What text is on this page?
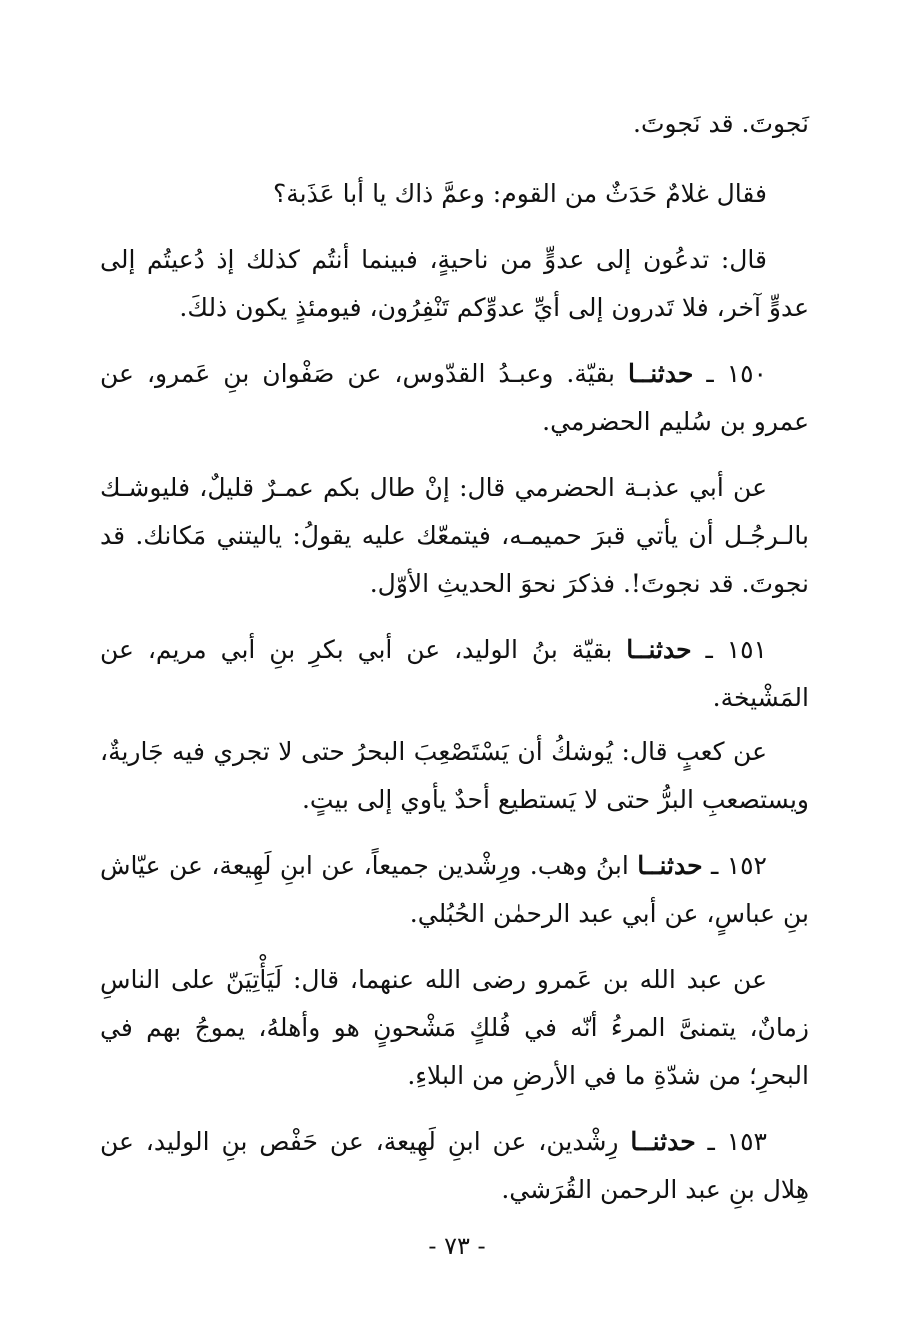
نَجوتَ. قد نَجوتَ.

فقال غلامٌ حَدَثٌ من القوم: وعمَّ ذاك يا أبا عَذَبة؟

قال: تدعُون إلى عدوٍّ من ناحيةٍ، فبينما أنتُم كذلك إذ دُعيتُم إلى عدوٍّ آخر، فلا تَدرون إلى أيِّ عدوِّكم تَنْفِرُون، فيومئذٍ يكون ذلكَ.

١٥٠ ـ حدثنــا بقيّة. وعبـدُ القدّوس، عن صَفْوان بنِ عَمرو، عن عمرو بن سُليم الحضرمي.

عن أبي عذبـة الحضرمي قال: إنْ طال بكم عمـرٌ قليلٌ، فليوشـك بالـرجُـل أن يأتي قبرَ حميمـه، فيتمعّك عليه يقولُ: ياليتني مَكانك. قد نجوتَ. قد نجوتَ!. فذكرَ نحوَ الحديثِ الأوّل.

١٥١ ـ حدثنــا بقيّة بنُ الوليد، عن أبي بكرِ بنِ أبي مريم، عن المَشْيخة.

عن كعبٍ قال: يُوشكُ أن يَسْتَصْعِبَ البحرُ حتى لا تجري فيه جَاريةٌ، ويستصعبِ البرُّ حتى لا يَستطيع أحدٌ يأوي إلى بيتٍ.

١٥٢ ـ حدثنــا ابنُ وهب. ورِشْدين جميعاً، عن ابنِ لَهِيعة، عن عيّاش بنِ عباسٍ، عن أبي عبد الرحمٰن الحُبُلي.

عن عبد الله بن عَمرو رضى الله عنهما، قال: لَيَأْتِيَنّ على الناسِ زمانٌ، يتمنىَّ المرءُ أنّه في فُلكٍ مَشْحونٍ هو وأهلهُ، يموجُ بهم في البحرِ؛ من شدّةِ ما في الأرضِ من البلاءِ.

١٥٣ ـ حدثنــا رِشْدين، عن ابنِ لَهِيعة، عن حَفْص بنِ الوليد، عن هِلال بنِ عبد الرحمن القُرَشي.

- ٧٣ -
